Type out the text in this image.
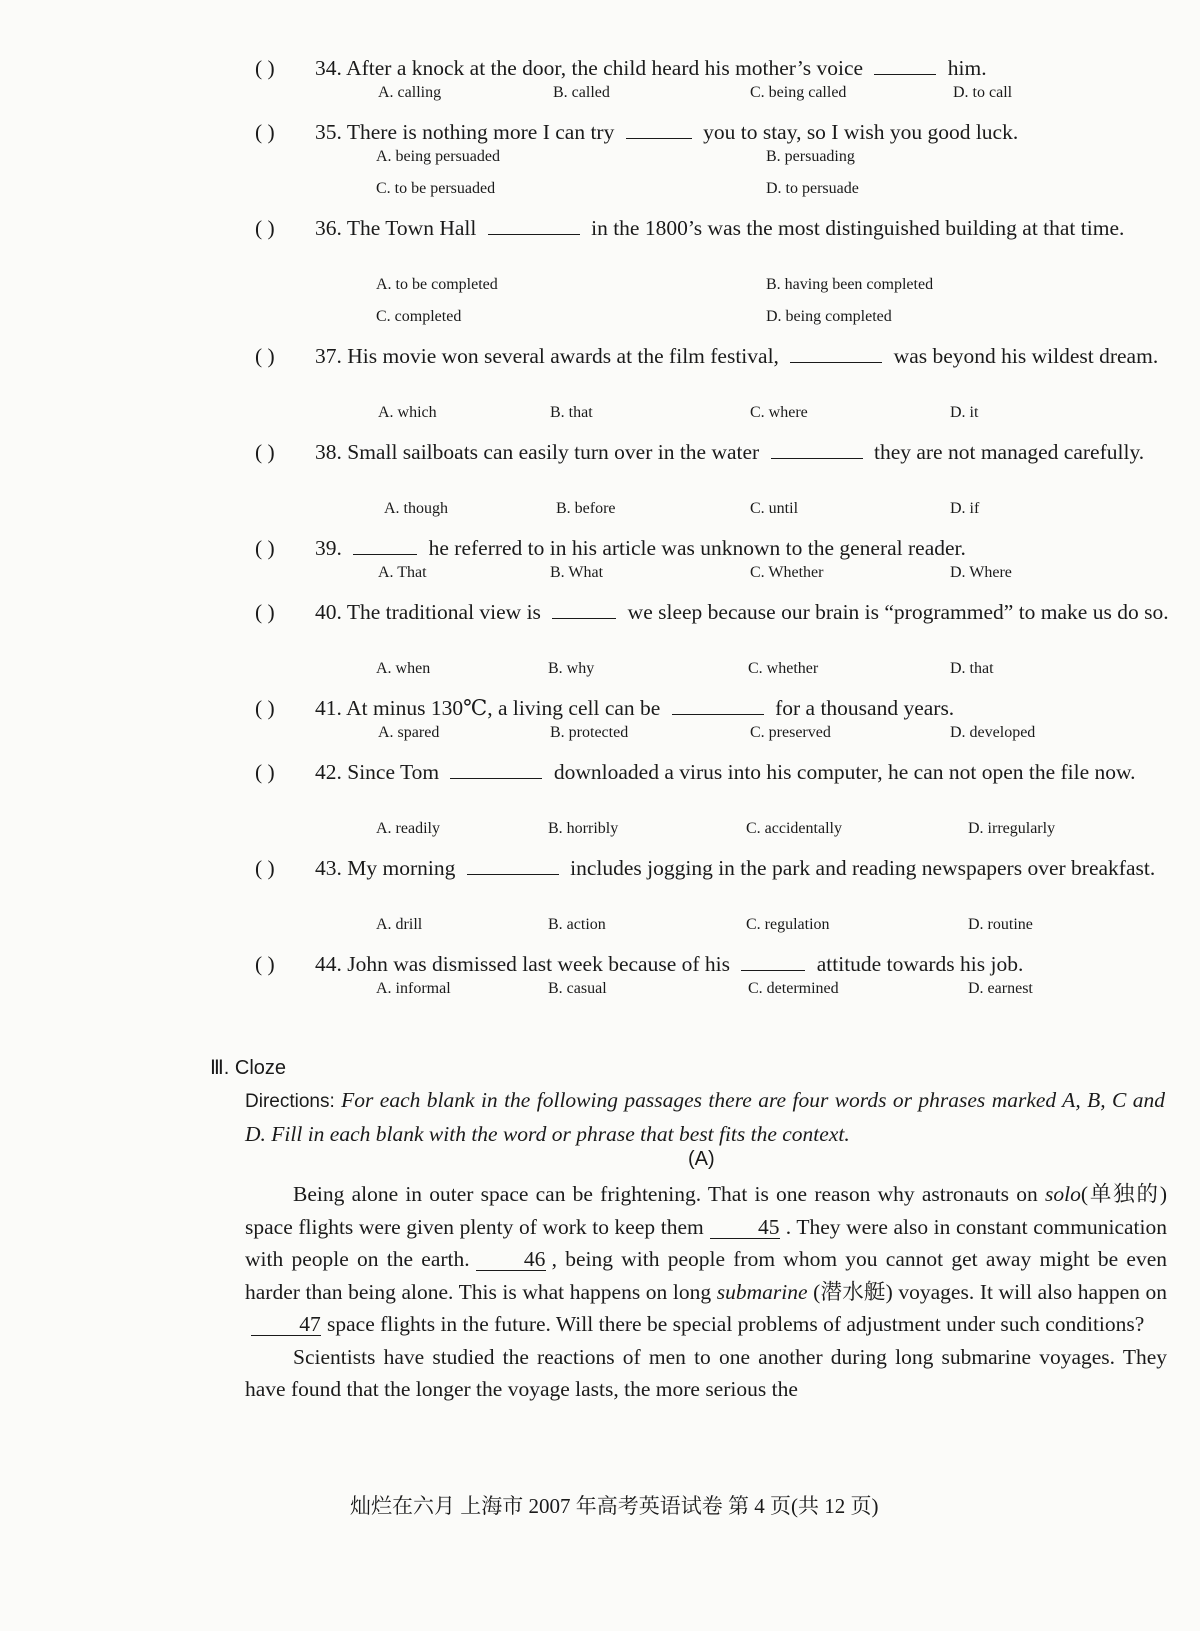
( ) 34. After a knock at the door, the child heard his mother’s voice	him.
A. calling	B. called	C. being called	D. to call
( ) 35. There is nothing more I can try	you to stay, so I wish you good luck.
A. being persuaded	B. persuading
C. to be persuaded	D. to persuade
( ) 36. The Town Hall	in the 1800’s was the most distinguished building at that time.
A. to be completed	B. having been completed
C. completed	D. being completed
( ) 37. His movie won several awards at the film festival,	was beyond his wildest dream.
A. which	B. that	C. where	D. it
( ) 38. Small sailboats can easily turn over in the water	they are not managed carefully.
A. though	B. before	C. until	D. if
( ) 39.	he referred to in his article was unknown to the general reader.
A. That	B. What	C. Whether	D. Where
( ) 40. The traditional view is	we sleep because our brain is “programmed” to make us do so.
A. when	B. why	C. whether	D. that
( ) 41. At minus 130℃, a living cell can be	for a thousand years.
A. spared	B. protected	C. preserved	D. developed
( ) 42. Since Tom	downloaded a virus into his computer, he can not open the file now.
A. readily	B. horribly	C. accidentally	D. irregularly
( ) 43. My morning	includes jogging in the park and reading newspapers over breakfast.
A. drill	B. action	C. regulation	D. routine
( ) 44. John was dismissed last week because of his	attitude towards his job.
A. informal	B. casual	C. determined	D. earnest
Ⅲ. Cloze
Directions: For each blank in the following passages there are four words or phrases marked A, B, C and D. Fill in each blank with the word or phrase that best fits the context.
(A)

Being alone in outer space can be frightening. That is one reason why astronauts on solo(单独的) space flights were given plenty of work to keep them	45 . They were also in constant communication with people on the earth.	46 , being with people from whom you cannot get away might be even harder than being alone. This is what happens on long submarine (潜水艇) voyages. It will also happen on47 space flights in the future. Will there be special problems of adjustment under such conditions?

Scientists have studied the reactions of men to one another during long submarine voyages. They have found that the longer the voyage lasts, the more serious the

灿烂在六月 上海市 2007 年高考英语试卷 第 4 页(共 12 页)
